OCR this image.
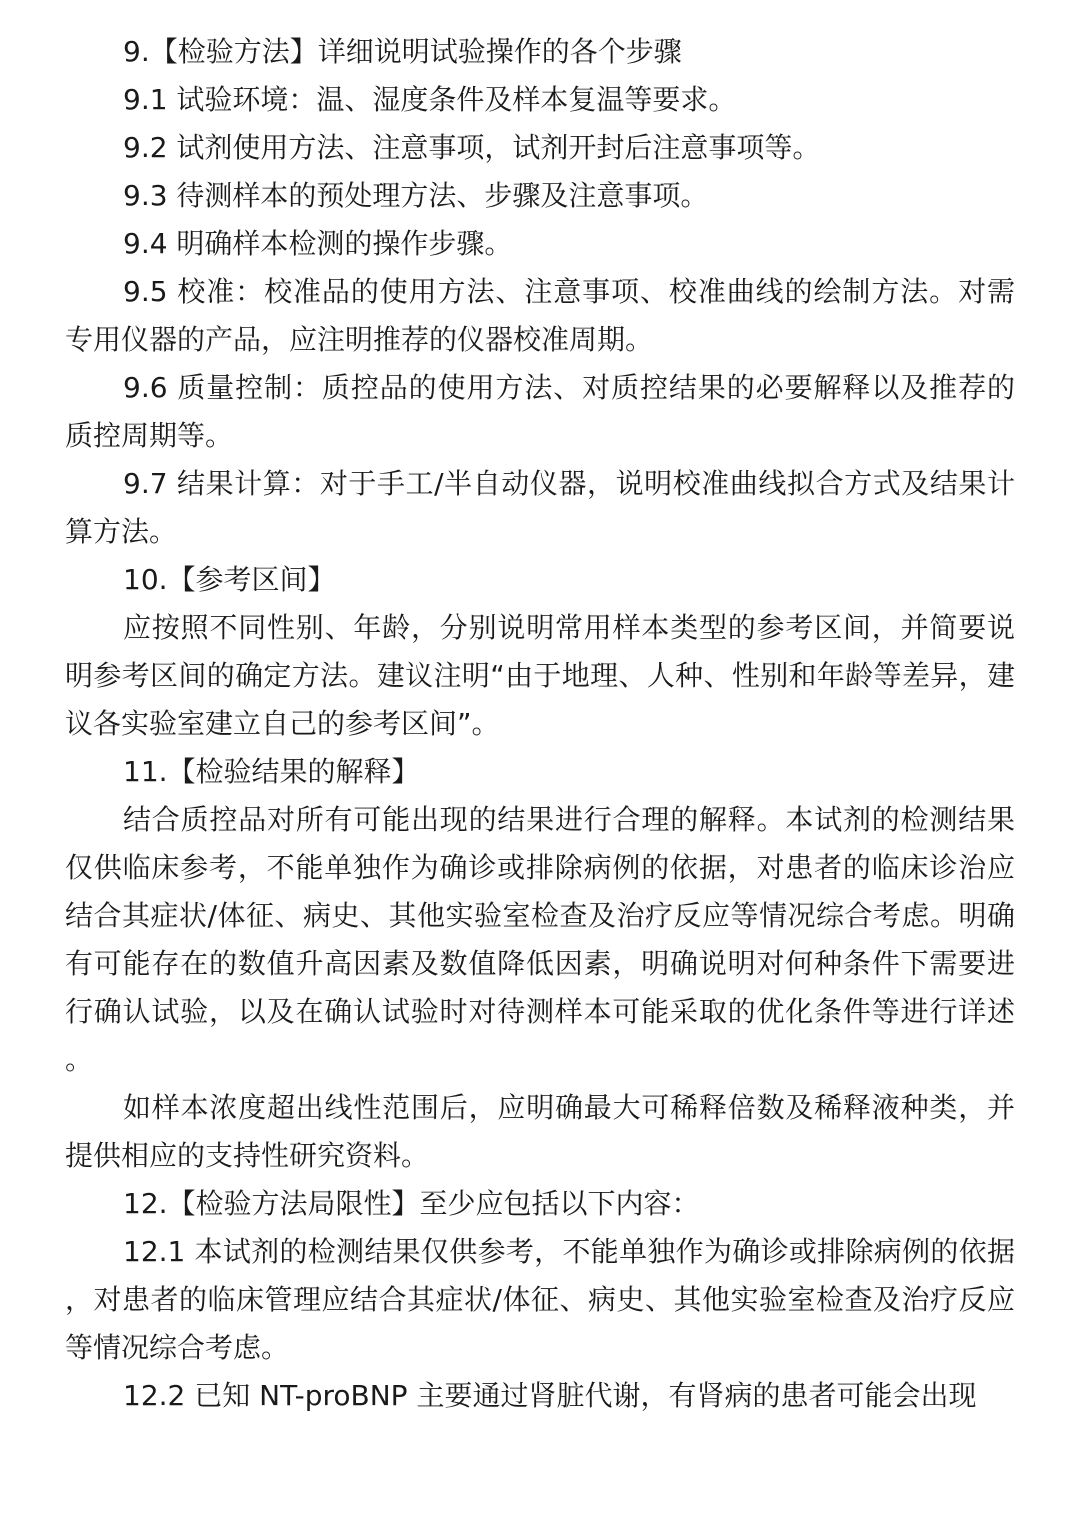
9.【检验方法】详细说明试验操作的各个步骤

9.1 试验环境：温、湿度条件及样本复温等要求。

9.2 试剂使用方法、注意事项，试剂开封后注意事项等。

9.3 待测样本的预处理方法、步骤及注意事项。

9.4 明确样本检测的操作步骤。

9.5 校准：校准品的使用方法、注意事项、校准曲线的绘制方法。对需专用仪器的产品，应注明推荐的仪器校准周期。

9.6 质量控制：质控品的使用方法、对质控结果的必要解释以及推荐的质控周期等。

9.7 结果计算：对于手工/半自动仪器，说明校准曲线拟合方式及结果计算方法。

10.【参考区间】

应按照不同性别、年龄，分别说明常用样本类型的参考区间，并简要说明参考区间的确定方法。建议注明“由于地理、人种、性别和年龄等差异，建议各实验室建立自己的参考区间”。

11.【检验结果的解释】

结合质控品对所有可能出现的结果进行合理的解释。本试剂的检测结果仅供临床参考，不能单独作为确诊或排除病例的依据，对患者的临床诊治应结合其症状/体征、病史、其他实验室检查及治疗反应等情况综合考虑。明确有可能存在的数值升高因素及数值降低因素，明确说明对何种条件下需要进行确认试验，以及在确认试验时对待测样本可能采取的优化条件等进行详述。

如样本浓度超出线性范围后，应明确最大可稀释倍数及稀释液种类，并提供相应的支持性研究资料。

12.【检验方法局限性】至少应包括以下内容：

12.1 本试剂的检测结果仅供参考，不能单独作为确诊或排除病例的依据，对患者的临床管理应结合其症状/体征、病史、其他实验室检查及治疗反应等情况综合考虑。

12.2 已知 NT-proBNP 主要通过肾脏代谢，有肾病的患者可能会出现
